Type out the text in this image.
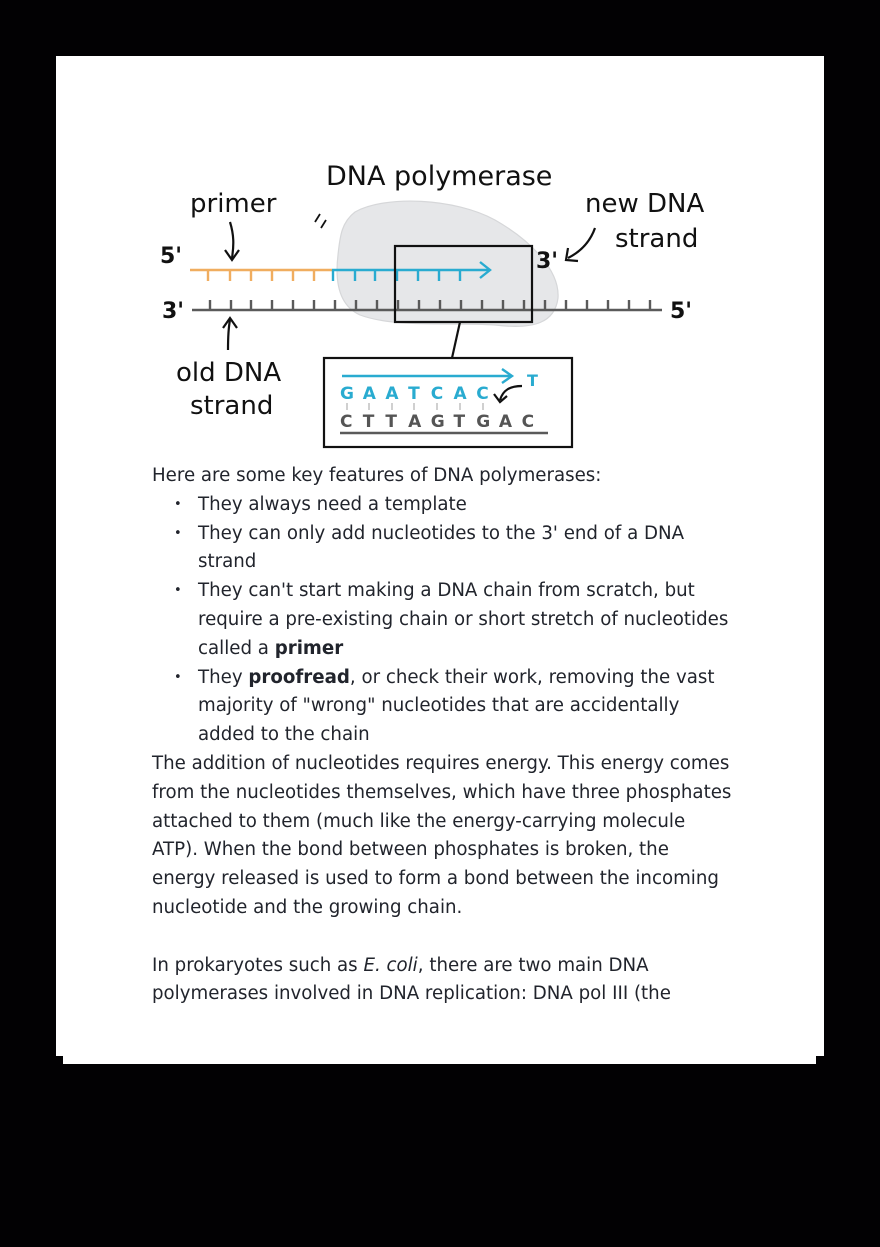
G A A T C A C
T
C T T A G T G A C
DNA polymerase
primer
5'	3'
3'	5'
new DNA
strand
old DNA
strand

Here are some key features of DNA polymerases:

• They always need a template
• They can only add nucleotides to the 3' end of a DNA strand
• They can't start making a DNA chain from scratch, but require a pre-existing chain or short stretch of nucleotides called a primer
• They proofread, or check their work, removing the vast majority of "wrong" nucleotides that are accidentally added to the chain

The addition of nucleotides requires energy. This energy comes from the nucleotides themselves, which have three phosphates attached to them (much like the energy-carrying molecule ATP). When the bond between phosphates is broken, the energy released is used to form a bond between the incoming nucleotide and the growing chain.

In prokaryotes such as E. coli, there are two main DNA polymerases involved in DNA replication: DNA pol III (the
